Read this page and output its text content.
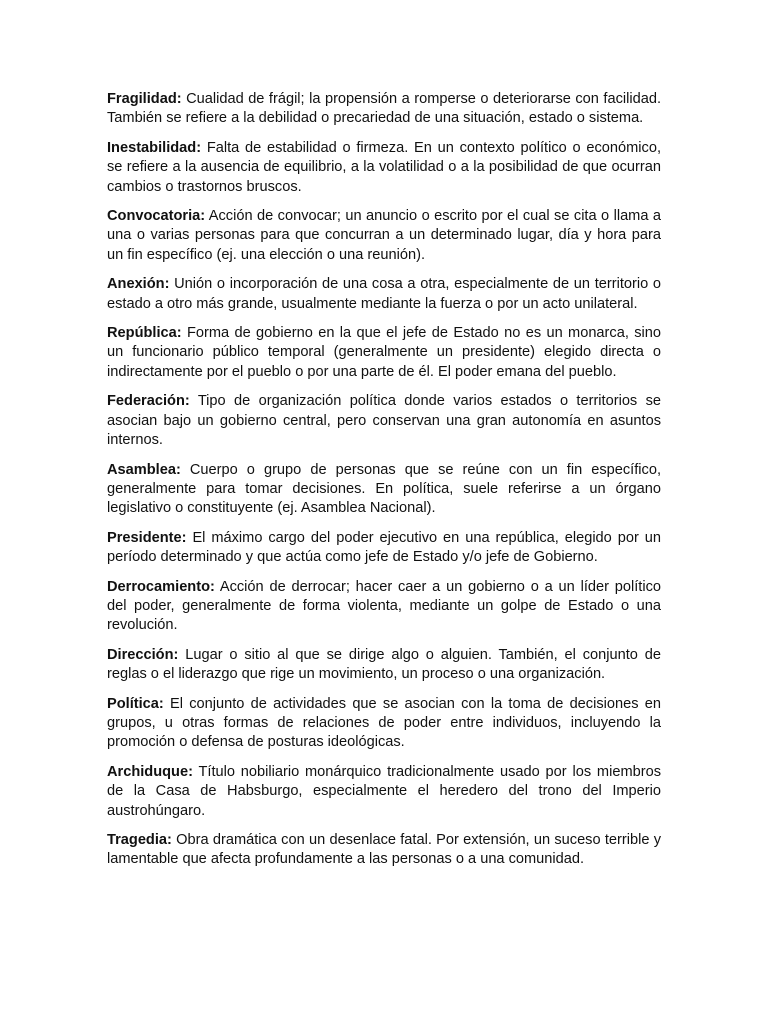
Fragilidad: Cualidad de frágil; la propensión a romperse o deteriorarse con facilidad. También se refiere a la debilidad o precariedad de una situación, estado o sistema.

Inestabilidad: Falta de estabilidad o firmeza. En un contexto político o económico, se refiere a la ausencia de equilibrio, a la volatilidad o a la posibilidad de que ocurran cambios o trastornos bruscos.

Convocatoria: Acción de convocar; un anuncio o escrito por el cual se cita o llama a una o varias personas para que concurran a un determinado lugar, día y hora para un fin específico (ej. una elección o una reunión).

Anexión: Unión o incorporación de una cosa a otra, especialmente de un territorio o estado a otro más grande, usualmente mediante la fuerza o por un acto unilateral.

República: Forma de gobierno en la que el jefe de Estado no es un monarca, sino un funcionario público temporal (generalmente un presidente) elegido directa o indirectamente por el pueblo o por una parte de él. El poder emana del pueblo.

Federación: Tipo de organización política donde varios estados o territorios se asocian bajo un gobierno central, pero conservan una gran autonomía en asuntos internos.

Asamblea: Cuerpo o grupo de personas que se reúne con un fin específico, generalmente para tomar decisiones. En política, suele referirse a un órgano legislativo o constituyente (ej. Asamblea Nacional).

Presidente: El máximo cargo del poder ejecutivo en una república, elegido por un período determinado y que actúa como jefe de Estado y/o jefe de Gobierno.

Derrocamiento: Acción de derrocar; hacer caer a un gobierno o a un líder político del poder, generalmente de forma violenta, mediante un golpe de Estado o una revolución.

Dirección: Lugar o sitio al que se dirige algo o alguien. También, el conjunto de reglas o el liderazgo que rige un movimiento, un proceso o una organización.

Política: El conjunto de actividades que se asocian con la toma de decisiones en grupos, u otras formas de relaciones de poder entre individuos, incluyendo la promoción o defensa de posturas ideológicas.

Archiduque: Título nobiliario monárquico tradicionalmente usado por los miembros de la Casa de Habsburgo, especialmente el heredero del trono del Imperio austrohúngaro.

Tragedia: Obra dramática con un desenlace fatal. Por extensión, un suceso terrible y lamentable que afecta profundamente a las personas o a una comunidad.
